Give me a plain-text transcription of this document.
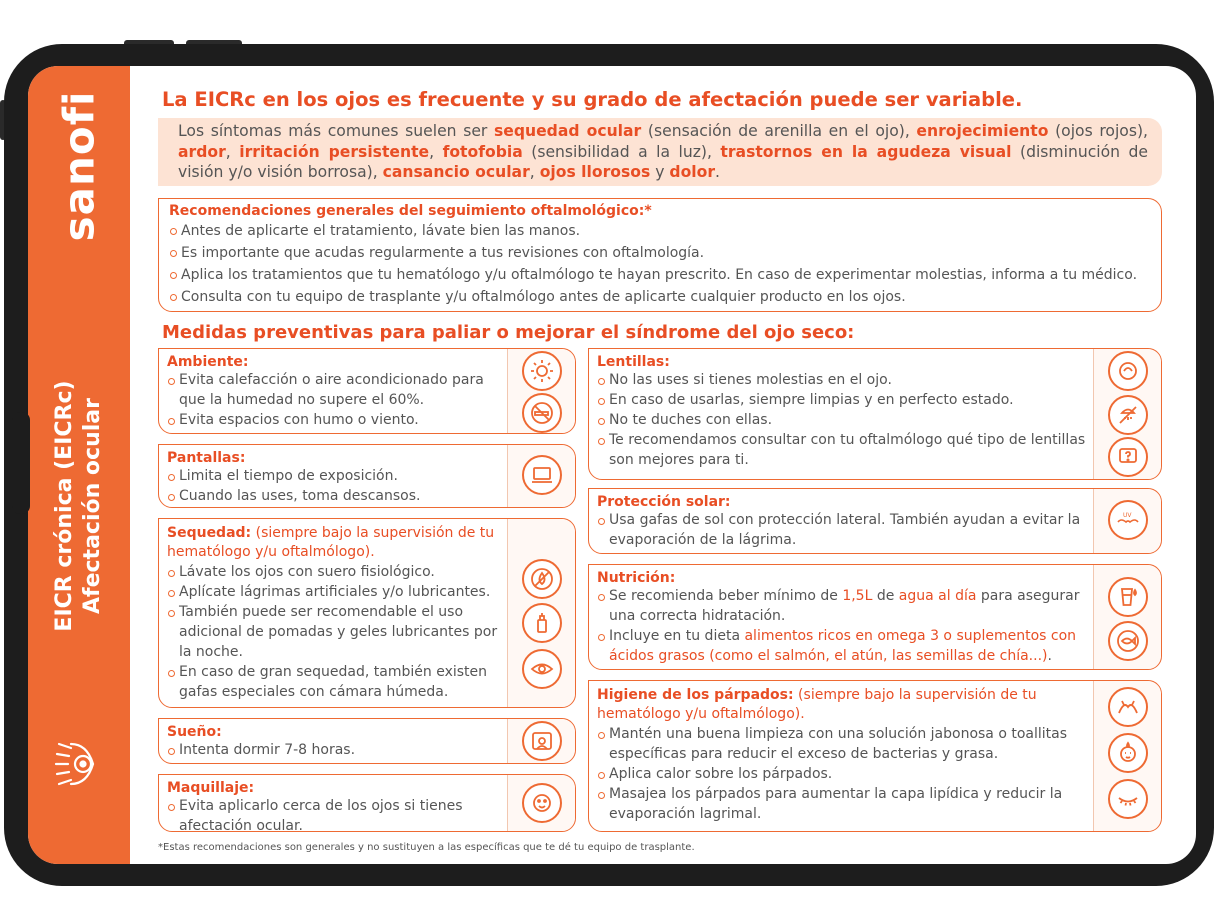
sanofi
EICR crónica (EICRc) Afectación ocular
La EICRc en los ojos es frecuente y su grado de afectación puede ser variable.
Los síntomas más comunes suelen ser sequedad ocular (sensación de arenilla en el ojo), enrojecimiento (ojos rojos), ardor, irritación persistente, fotofobia (sensibilidad a la luz), trastornos en la agudeza visual (disminución de visión y/o visión borrosa), cansancio ocular, ojos llorosos y dolor.
Recomendaciones generales del seguimiento oftalmológico:*
Antes de aplicarte el tratamiento, lávate bien las manos.
Es importante que acudas regularmente a tus revisiones con oftalmología.
Aplica los tratamientos que tu hematólogo y/u oftalmólogo te hayan prescrito. En caso de experimentar molestias, informa a tu médico.
Consulta con tu equipo de trasplante y/u oftalmólogo antes de aplicarte cualquier producto en los ojos.
Medidas preventivas para paliar o mejorar el síndrome del ojo seco:
Ambiente:
Evita calefacción o aire acondicionado para que la humedad no supere el 60%.
Evita espacios con humo o viento.
Pantallas:
Limita el tiempo de exposición.
Cuando las uses, toma descansos.
Sequedad: (siempre bajo la supervisión de tu hematólogo y/u oftalmólogo).
Lávate los ojos con suero fisiológico.
Aplícate lágrimas artificiales y/o lubricantes.
También puede ser recomendable el uso adicional de pomadas y geles lubricantes por la noche.
En caso de gran sequedad, también existen gafas especiales con cámara húmeda.
Sueño:
Intenta dormir 7-8 horas.
Maquillaje:
Evita aplicarlo cerca de los ojos si tienes afectación ocular.
Lentillas:
No las uses si tienes molestias en el ojo.
En caso de usarlas, siempre limpias y en perfecto estado.
No te duches con ellas.
Te recomendamos consultar con tu oftalmólogo qué tipo de lentillas son mejores para ti.
Protección solar:
Usa gafas de sol con protección lateral. También ayudan a evitar la evaporación de la lágrima.
UV
Nutrición:
Se recomienda beber mínimo de 1,5L de agua al día para asegurar una correcta hidratación.
Incluye en tu dieta alimentos ricos en omega 3 o suplementos con ácidos grasos (como el salmón, el atún, las semillas de chía...).
Higiene de los párpados: (siempre bajo la supervisión de tu hematólogo y/u oftalmólogo).
Mantén una buena limpieza con una solución jabonosa o toallitas específicas para reducir el exceso de bacterias y grasa.
Aplica calor sobre los párpados.
Masajea los párpados para aumentar la capa lipídica y reducir la evaporación lagrimal.
*Estas recomendaciones son generales y no sustituyen a las específicas que te dé tu equipo de trasplante.
